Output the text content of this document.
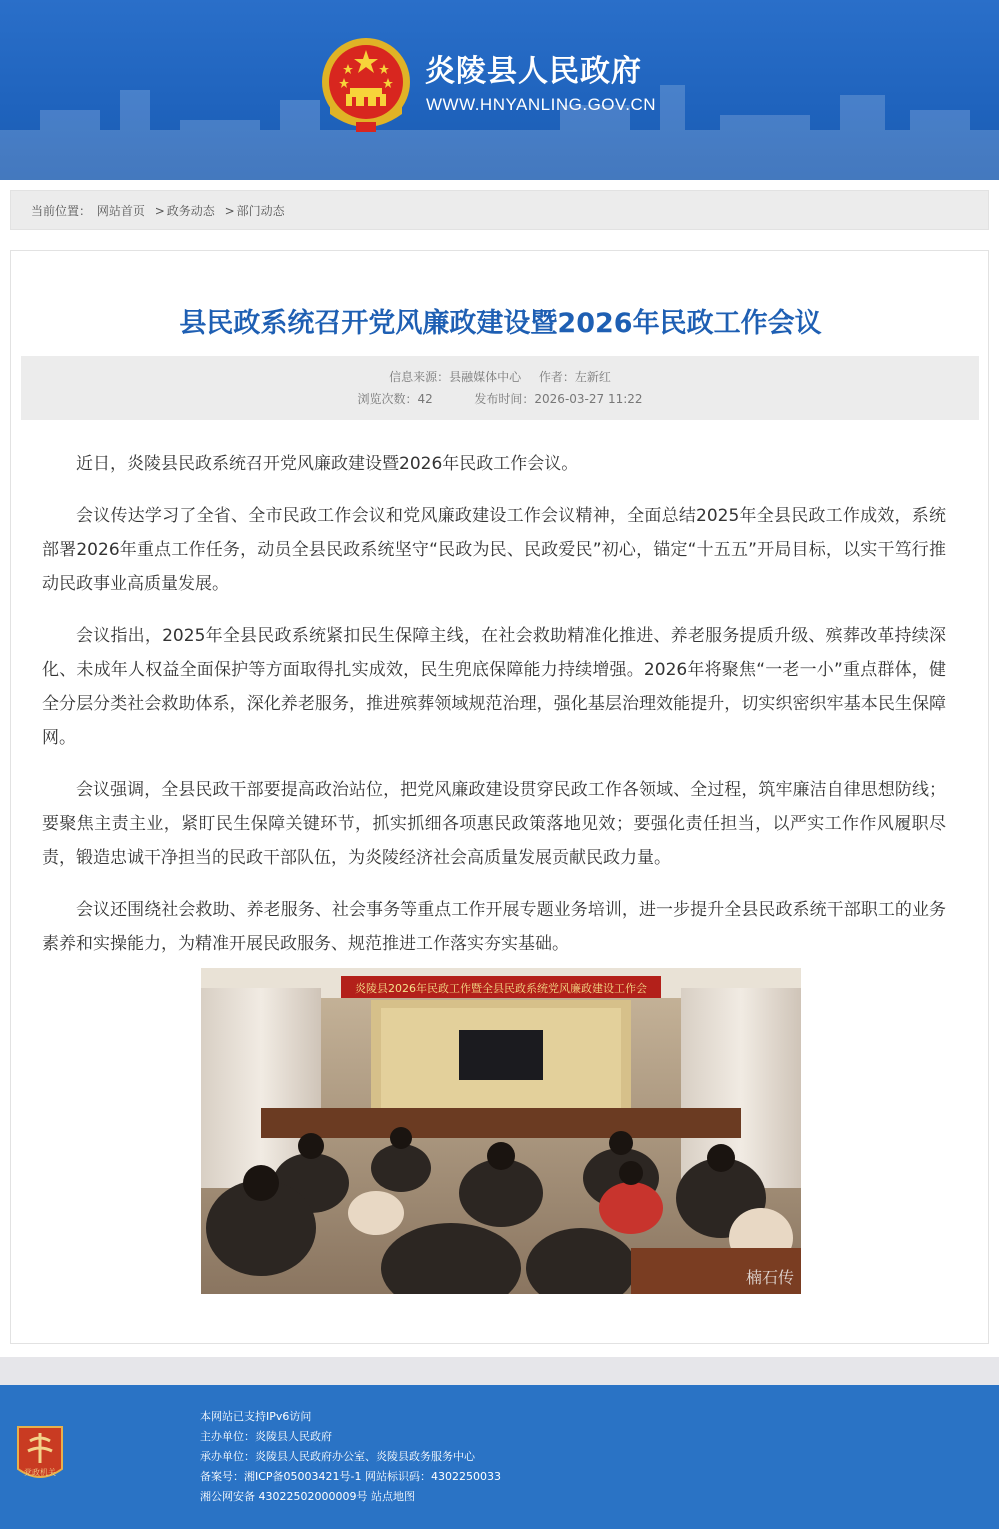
炎陵县人民政府
WWW.HNYANLING.GOV.CN
当前位置： 网站首页 > 政务动态 > 部门动态
县民政系统召开党风廉政建设暨2026年民政工作会议
信息来源：县融媒体中心 作者：左新红
浏览次数：42	发布时间：2026-03-27 11:22

近日，炎陵县民政系统召开党风廉政建设暨2026年民政工作会议。

会议传达学习了全省、全市民政工作会议和党风廉政建设工作会议精神，全面总结2025年全县民政工作成效，系统部署2026年重点工作任务，动员全县民政系统坚守“民政为民、民政爱民”初心，锚定“十五五”开局目标，以实干笃行推动民政事业高质量发展。

会议指出，2025年全县民政系统紧扣民生保障主线，在社会救助精准化推进、养老服务提质升级、殡葬改革持续深化、未成年人权益全面保护等方面取得扎实成效，民生兜底保障能力持续增强。2026年将聚焦“一老一小”重点群体，健全分层分类社会救助体系，深化养老服务，推进殡葬领域规范治理，强化基层治理效能提升，切实织密织牢基本民生保障网。

会议强调，全县民政干部要提高政治站位，把党风廉政建设贯穿民政工作各领域、全过程，筑牢廉洁自律思想防线；要聚焦主责主业，紧盯民生保障关键环节，抓实抓细各项惠民政策落地见效；要强化责任担当，以严实工作作风履职尽责，锻造忠诚干净担当的民政干部队伍，为炎陵经济社会高质量发展贡献民政力量。

会议还围绕社会救助、养老服务、社会事务等重点工作开展专题业务培训，进一步提升全县民政系统干部职工的业务素养和实操能力，为精准开展民政服务、规范推进工作落实夯实基础。

炎陵县2026年民政工作暨全县民政系统党风廉政建设工作会
楠石传
党政机关
本网站已支持IPv6访问
主办单位：炎陵县人民政府
承办单位：炎陵县人民政府办公室、炎陵县政务服务中心
备案号：湘ICP备05003421号-1 网站标识码：4302250033
湘公网安备 43022502000009号 站点地图
